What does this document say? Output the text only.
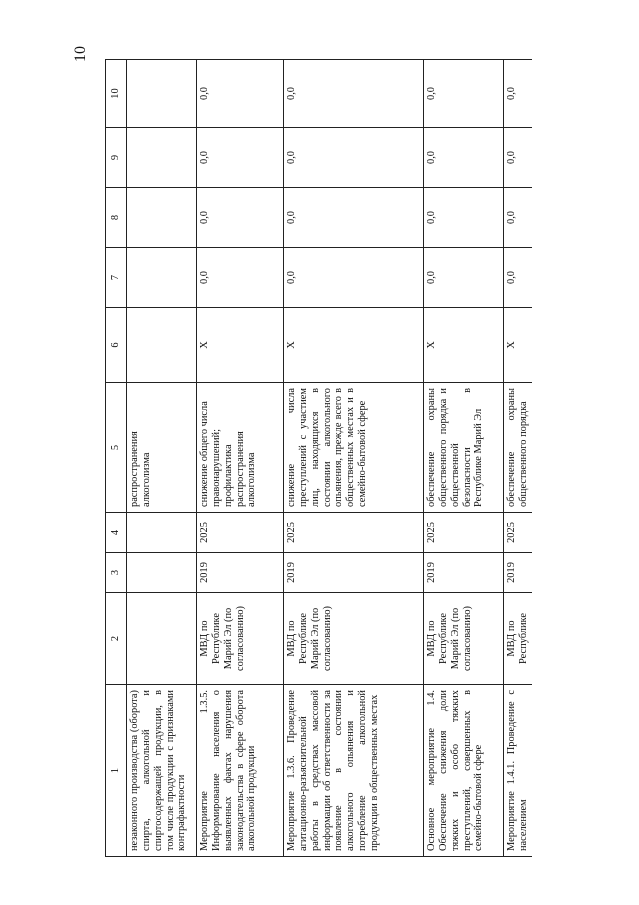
10
1	2	3	4	5	6	7	8	9	10
незаконного производства (оборота) спирта, алкогольной и спиртосодержащей продукции, в том числе продукции с признаками контрафактности				распространения алкоголизма					
Мероприятие 1.3.5. Информирование населения о выявленных фактах нарушения законодательства в сфере оборота алкогольной продукции	МВД по Республике Марий Эл (по согласованию)	2019	2025	снижение общего числа правонарушений; профилактика распространения алкоголизма	X	0,0	0,0	0,0	0,0
Мероприятие 1.3.6. Проведение агитационно-разъяснительной работы в средствах массовой информации об ответственности за появление в состоянии алкогольного опьянения и потребление алкогольной продукции в общественных местах	МВД по Республике Марий Эл (по согласованию)	2019	2025	снижение числа преступлений с участием лиц, находящихся в состоянии алкогольного опьянения, прежде всего в общественных местах и в семейно-бытовой сфере	X	0,0	0,0	0,0	0,0
Основное мероприятие 1.4. Обеспечение снижения доли тяжких и особо тяжких преступлений, совершенных в семейно-бытовой сфере	МВД по Республике Марий Эл (по согласованию)	2019	2025	обеспечение охраны общественного порядка и общественной безопасности в Республике Марий Эл	X	0,0	0,0	0,0	0,0
Мероприятие 1.4.1. Проведение с населением	МВД по Республике	2019	2025	обеспечение охраны общественного порядка	X	0,0	0,0	0,0	0,0
